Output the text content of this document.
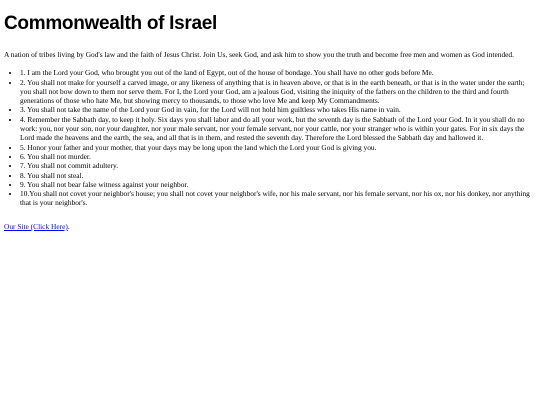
Commonwealth of Israel

A nation of tribes living by God's law and the faith of Jesus Christ. Join Us, seek God, and ask him to show you the truth and become free men and women as God intended.

• 1. I am the Lord your God, who brought you out of the land of Egypt, out of the house of bondage. You shall have no other gods before Me.
• 2. You shall not make for yourself a carved image, or any likeness of anything that is in heaven above, or that is in the earth beneath, or that is in the water under the earth; you shall not bow down to them nor serve them. For I, the Lord your God, am a jealous God, visiting the iniquity of the fathers on the children to the third and fourth generations of those who hate Me, but showing mercy to thousands, to those who love Me and keep My Commandments.
• 3. You shall not take the name of the Lord your God in vain, for the Lord will not hold him guiltless who takes His name in vain.
• 4. Remember the Sabbath day, to keep it holy. Six days you shall labor and do all your work, but the seventh day is the Sabbath of the Lord your God. In it you shall do no work: you, nor your son, nor your daughter, nor your male servant, nor your female servant, nor your cattle, nor your stranger who is within your gates. For in six days the Lord made the heavens and the earth, the sea, and all that is in them, and rested the seventh day. Therefore the Lord blessed the Sabbath day and hallowed it.
• 5. Honor your father and your mother, that your days may be long upon the land which the Lord your God is giving you.
• 6. You shall not murder.
• 7. You shall not commit adultery.
• 8. You shall not steal.
• 9. You shall not bear false witness against your neighbor.
• 10.You shall not covet your neighbor's house; you shall not covet your neighbor's wife, nor his male servant, nor his female servant, nor his ox, nor his donkey, nor anything that is your neighbor's.
Our Site (Click Here).
